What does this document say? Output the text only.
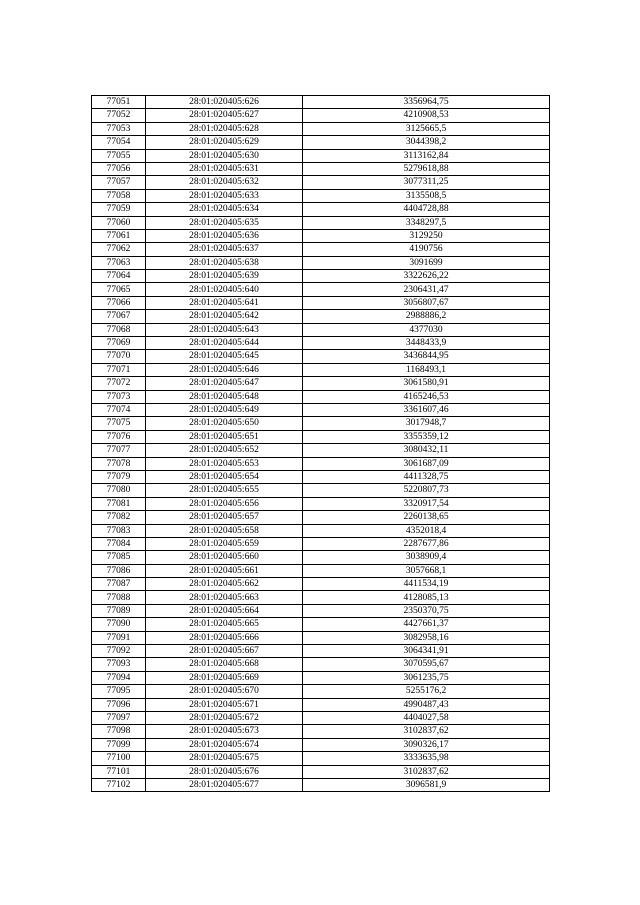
77051	28:01:020405:626	3356964,75
77052	28:01:020405:627	4210908,53
77053	28:01:020405:628	3125665,5
77054	28:01:020405:629	3044398,2
77055	28:01:020405:630	3113162,84
77056	28:01:020405:631	5279618,88
77057	28:01:020405:632	3077311,25
77058	28:01:020405:633	3135508,5
77059	28:01:020405:634	4404728,88
77060	28:01:020405:635	3348297,5
77061	28:01:020405:636	3129250
77062	28:01:020405:637	4190756
77063	28:01:020405:638	3091699
77064	28:01:020405:639	3322626,22
77065	28:01:020405:640	2306431,47
77066	28:01:020405:641	3056807,67
77067	28:01:020405:642	2988886,2
77068	28:01:020405:643	4377030
77069	28:01:020405:644	3448433,9
77070	28:01:020405:645	3436844,95
77071	28:01:020405:646	1168493,1
77072	28:01:020405:647	3061580,91
77073	28:01:020405:648	4165246,53
77074	28:01:020405:649	3361607,46
77075	28:01:020405:650	3017948,7
77076	28:01:020405:651	3355359,12
77077	28:01:020405:652	3080432,11
77078	28:01:020405:653	3061687,09
77079	28:01:020405:654	4411328,75
77080	28:01:020405:655	5220807,73
77081	28:01:020405:656	3320917,54
77082	28:01:020405:657	2260138,65
77083	28:01:020405:658	4352018,4
77084	28:01:020405:659	2287677,86
77085	28:01:020405:660	3038909,4
77086	28:01:020405:661	3057668,1
77087	28:01:020405:662	4411534,19
77088	28:01:020405:663	4128085,13
77089	28:01:020405:664	2350370,75
77090	28:01:020405:665	4427661,37
77091	28:01:020405:666	3082958,16
77092	28:01:020405:667	3064341,91
77093	28:01:020405:668	3070595,67
77094	28:01:020405:669	3061235,75
77095	28:01:020405:670	5255176,2
77096	28:01:020405:671	4990487,43
77097	28:01:020405:672	4404027,58
77098	28:01:020405:673	3102837,62
77099	28:01:020405:674	3090326,17
77100	28:01:020405:675	3333635,98
77101	28:01:020405:676	3102837,62
77102	28:01:020405:677	3096581,9
